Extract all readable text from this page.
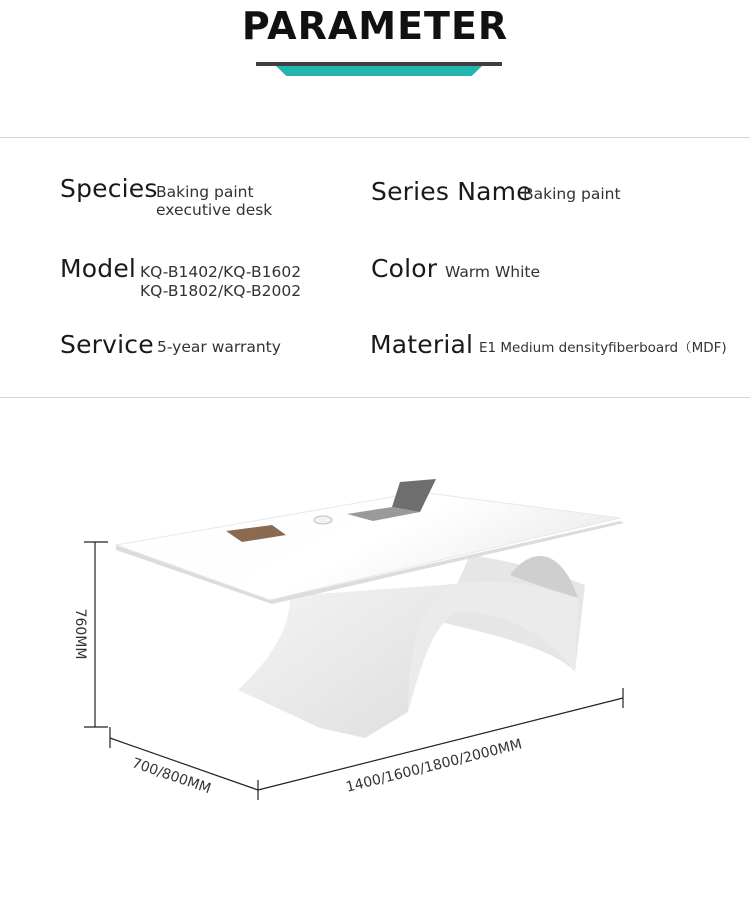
PARAMETER
Species
Baking paint
executive desk
Series Name
Baking paint
Model KQ-B1402/KQ-B1602
KQ-B1802/KQ-B2002
Color Warm White
Service 5-year warranty	Material E1 Medium densityfiberboard（MDF)
760MM
700/800MM	1400/1600/1800/2000MM
